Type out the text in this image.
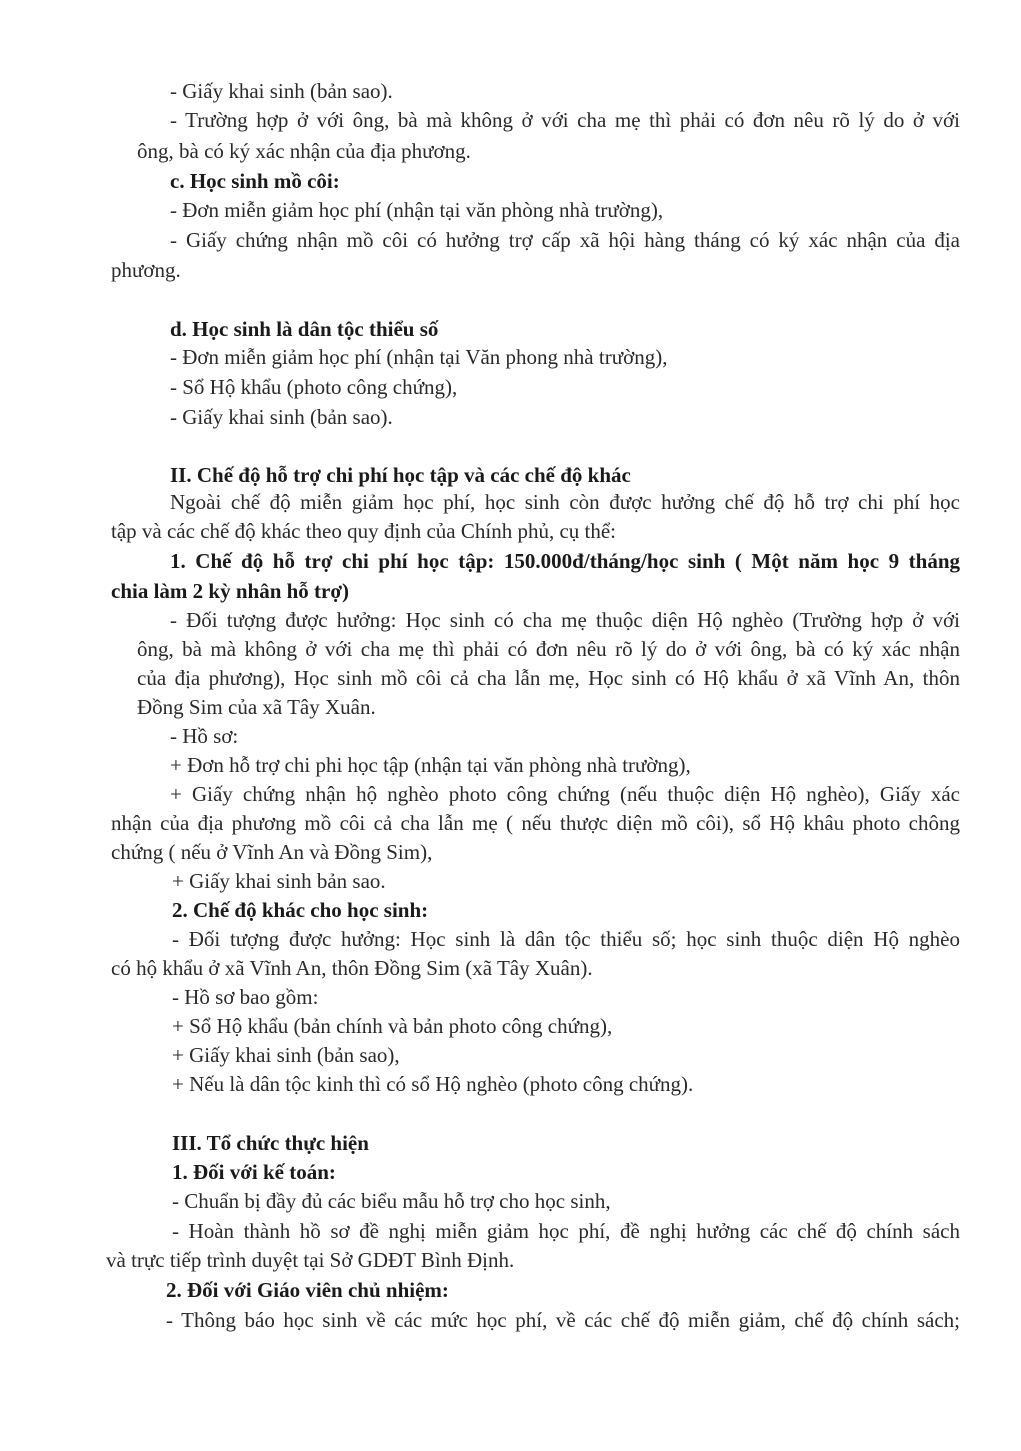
- Giấy khai sinh (bản sao).
- Trường hợp ở với ông, bà mà không ở với cha mẹ thì phải có đơn nêu rõ lý do ở với
ông, bà có ký xác nhận của địa phương.
c. Học sinh mồ côi:
- Đơn miễn giảm học phí (nhận tại văn phòng nhà trường),
- Giấy chứng nhận mồ côi có hưởng trợ cấp xã hội hàng tháng có ký xác nhận của địa
phương.
d. Học sinh là dân tộc thiểu số
- Đơn miễn giảm học phí (nhận tại Văn phong nhà trường),
- Sổ Hộ khẩu (photo công chứng),
- Giấy khai sinh (bản sao).
II. Chế độ hỗ trợ chi phí học tập và các chế độ khác
Ngoài chế độ miễn giảm học phí, học sinh còn được hưởng chế độ hỗ trợ chi phí học
tập và các chế độ khác theo quy định của Chính phủ, cụ thể:
1. Chế độ hỗ trợ chi phí học tập: 150.000đ/tháng/học sinh ( Một năm học 9 tháng
chia làm 2 kỳ nhân hỗ trợ)
- Đối tượng được hưởng: Học sinh có cha mẹ thuộc diện Hộ nghèo (Trường hợp ở với
ông, bà mà không ở với cha mẹ thì phải có đơn nêu rõ lý do ở với ông, bà có ký xác nhận
của địa phương), Học sinh mồ côi cả cha lẫn mẹ, Học sinh có Hộ khẩu ở xã Vĩnh An, thôn
Đồng Sim của xã Tây Xuân.
- Hồ sơ:
+ Đơn hỗ trợ chi phi học tập (nhận tại văn phòng nhà trường),
+ Giấy chứng nhận hộ nghèo photo công chứng (nếu thuộc diện Hộ nghèo), Giấy xác
nhận của địa phương mồ côi cả cha lẫn mẹ ( nếu thược diện mồ côi), sổ Hộ khâu photo chông
chứng ( nếu ở Vĩnh An và Đồng Sim),
+ Giấy khai sinh bản sao.
2. Chế độ khác cho học sinh:
- Đối tượng được hưởng: Học sinh là dân tộc thiểu số; học sinh thuộc diện Hộ nghèo
có hộ khẩu ở xã Vĩnh An, thôn Đồng Sim (xã Tây Xuân).
- Hồ sơ bao gồm:
+ Sổ Hộ khẩu (bản chính và bản photo công chứng),
+ Giấy khai sinh (bản sao),
+ Nếu là dân tộc kinh thì có sổ Hộ nghèo (photo công chứng).
III. Tổ chức thực hiện
1. Đối với kế toán:
- Chuẩn bị đầy đủ các biểu mẫu hỗ trợ cho học sinh,
- Hoàn thành hồ sơ đề nghị miễn giảm học phí, đề nghị hưởng các chế độ chính sách
và trực tiếp trình duyệt tại Sở GDĐT Bình Định.
2. Đối với Giáo viên chủ nhiệm:
- Thông báo học sinh về các mức học phí, về các chế độ miễn giảm, chế độ chính sách;
